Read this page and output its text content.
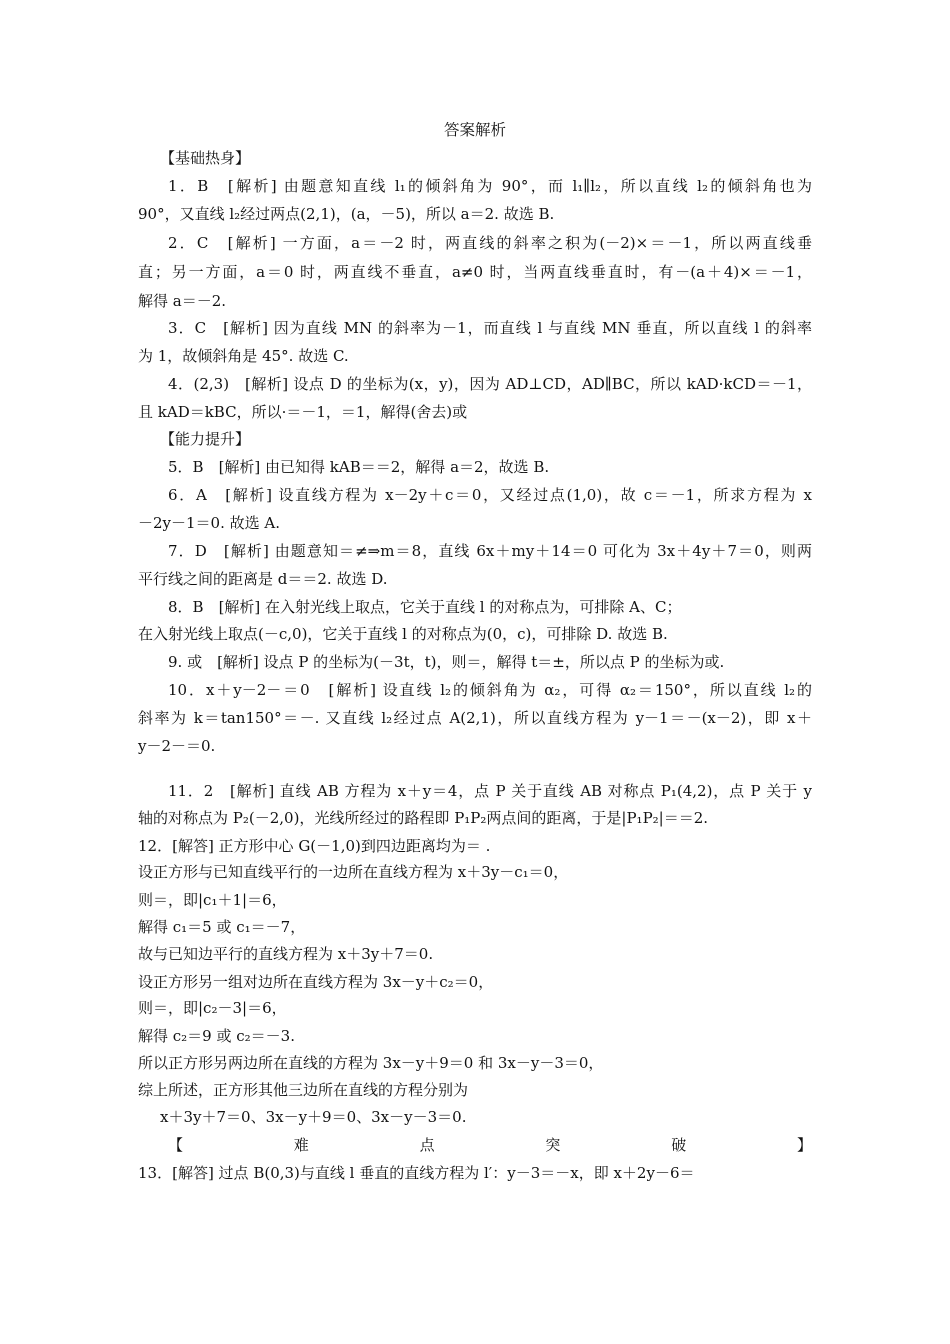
答案解析
【基础热身】
1．B　[解析] 由题意知直线 l₁的倾斜角为 90°，而 l₁∥l₂，所以直线 l₂的倾斜角也为
90°，又直线 l₂经过两点(2,1)，(a，－5)，所以 a＝2. 故选 B.
2．C　[解析] 一方面，a＝－2 时，两直线的斜率之积为(－2)×＝－1，所以两直线垂
直；另一方面，a＝0 时，两直线不垂直，a≠0 时，当两直线垂直时，有－(a＋4)×＝－1，
解得 a＝－2.
3．C　[解析] 因为直线 MN 的斜率为－1，而直线 l 与直线 MN 垂直，所以直线 l 的斜率
为 1，故倾斜角是 45°. 故选 C.
4．(2,3)　[解析] 设点 D 的坐标为(x，y)，因为 AD⊥CD，AD∥BC，所以 kAD·kCD＝－1，
且 kAD＝kBC，所以·＝－1，＝1，解得(舍去)或
【能力提升】
5．B　[解析] 由已知得 kAB＝＝2，解得 a＝2，故选 B.
6．A　[解析] 设直线方程为 x－2y＋c＝0，又经过点(1,0)，故 c＝－1，所求方程为 x
－2y－1＝0. 故选 A.
7．D　[解析] 由题意知＝≠⇒m＝8，直线 6x＋my＋14＝0 可化为 3x＋4y＋7＝0，则两
平行线之间的距离是 d＝＝2. 故选 D.
8．B　[解析] 在入射光线上取点，它关于直线 l 的对称点为，可排除 A、C；
在入射光线上取点(－c,0)，它关于直线 l 的对称点为(0，c)，可排除 D. 故选 B.
9. 或　[解析] 设点 P 的坐标为(－3t，t)，则＝，解得 t＝±，所以点 P 的坐标为或.
10．x＋y－2－＝0　[解析] 设直线 l₂的倾斜角为 α₂，可得 α₂＝150°，所以直线 l₂的
斜率为 k＝tan150°＝－. 又直线 l₂经过点 A(2,1)，所以直线方程为 y－1＝－(x－2)，即 x＋
y－2－＝0.
11．2　[解析] 直线 AB 方程为 x＋y＝4，点 P 关于直线 AB 对称点 P₁(4,2)，点 P 关于 y
轴的对称点为 P₂(－2,0)，光线所经过的路程即 P₁P₂两点间的距离，于是|P₁P₂|＝＝2.
12．[解答] 正方形中心 G(－1,0)到四边距离均为＝ .
设正方形与已知直线平行的一边所在直线方程为 x＋3y－c₁＝0，
则＝，即|c₁＋1|＝6，
解得 c₁＝5 或 c₁＝－7，
故与已知边平行的直线方程为 x＋3y＋7＝0.
设正方形另一组对边所在直线方程为 3x－y＋c₂＝0，
则＝，即|c₂－3|＝6，
解得 c₂＝9 或 c₂＝－3.
所以正方形另两边所在直线的方程为 3x－y＋9＝0 和 3x－y－3＝0，
综上所述，正方形其他三边所在直线的方程分别为
x＋3y＋7＝0、3x－y＋9＝0、3x－y－3＝0.
【难点突破】
13．[解答] 过点 B(0,3)与直线 l 垂直的直线方程为 l′：y－3＝－x，即 x＋2y－6＝
